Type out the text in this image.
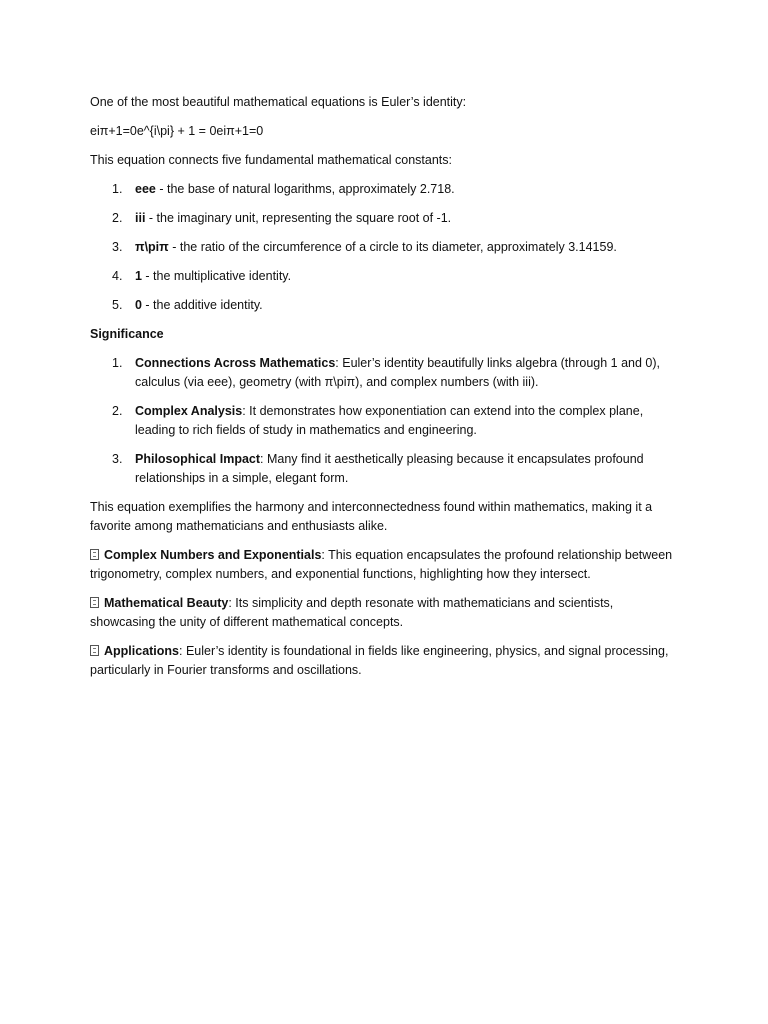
One of the most beautiful mathematical equations is Euler’s identity:

eiπ+1=0e^{i\pi} + 1 = 0eiπ+1=0

This equation connects five fundamental mathematical constants:

1. eee - the base of natural logarithms, approximately 2.718.
2. iii - the imaginary unit, representing the square root of -1.
3. π\piπ - the ratio of the circumference of a circle to its diameter, approximately 3.14159.
4. 1 - the multiplicative identity.
5. 0 - the additive identity.

Significance

1. Connections Across Mathematics: Euler’s identity beautifully links algebra (through 1 and 0), calculus (via eee), geometry (with π\piπ), and complex numbers (with iii).
2. Complex Analysis: It demonstrates how exponentiation can extend into the complex plane, leading to rich fields of study in mathematics and engineering.
3. Philosophical Impact: Many find it aesthetically pleasing because it encapsulates profound relationships in a simple, elegant form.

This equation exemplifies the harmony and interconnectedness found within mathematics, making it a favorite among mathematicians and enthusiasts alike.

Complex Numbers and Exponentials: This equation encapsulates the profound relationship between trigonometry, complex numbers, and exponential functions, highlighting how they intersect.

Mathematical Beauty: Its simplicity and depth resonate with mathematicians and scientists, showcasing the unity of different mathematical concepts.

Applications: Euler’s identity is foundational in fields like engineering, physics, and signal processing, particularly in Fourier transforms and oscillations.
